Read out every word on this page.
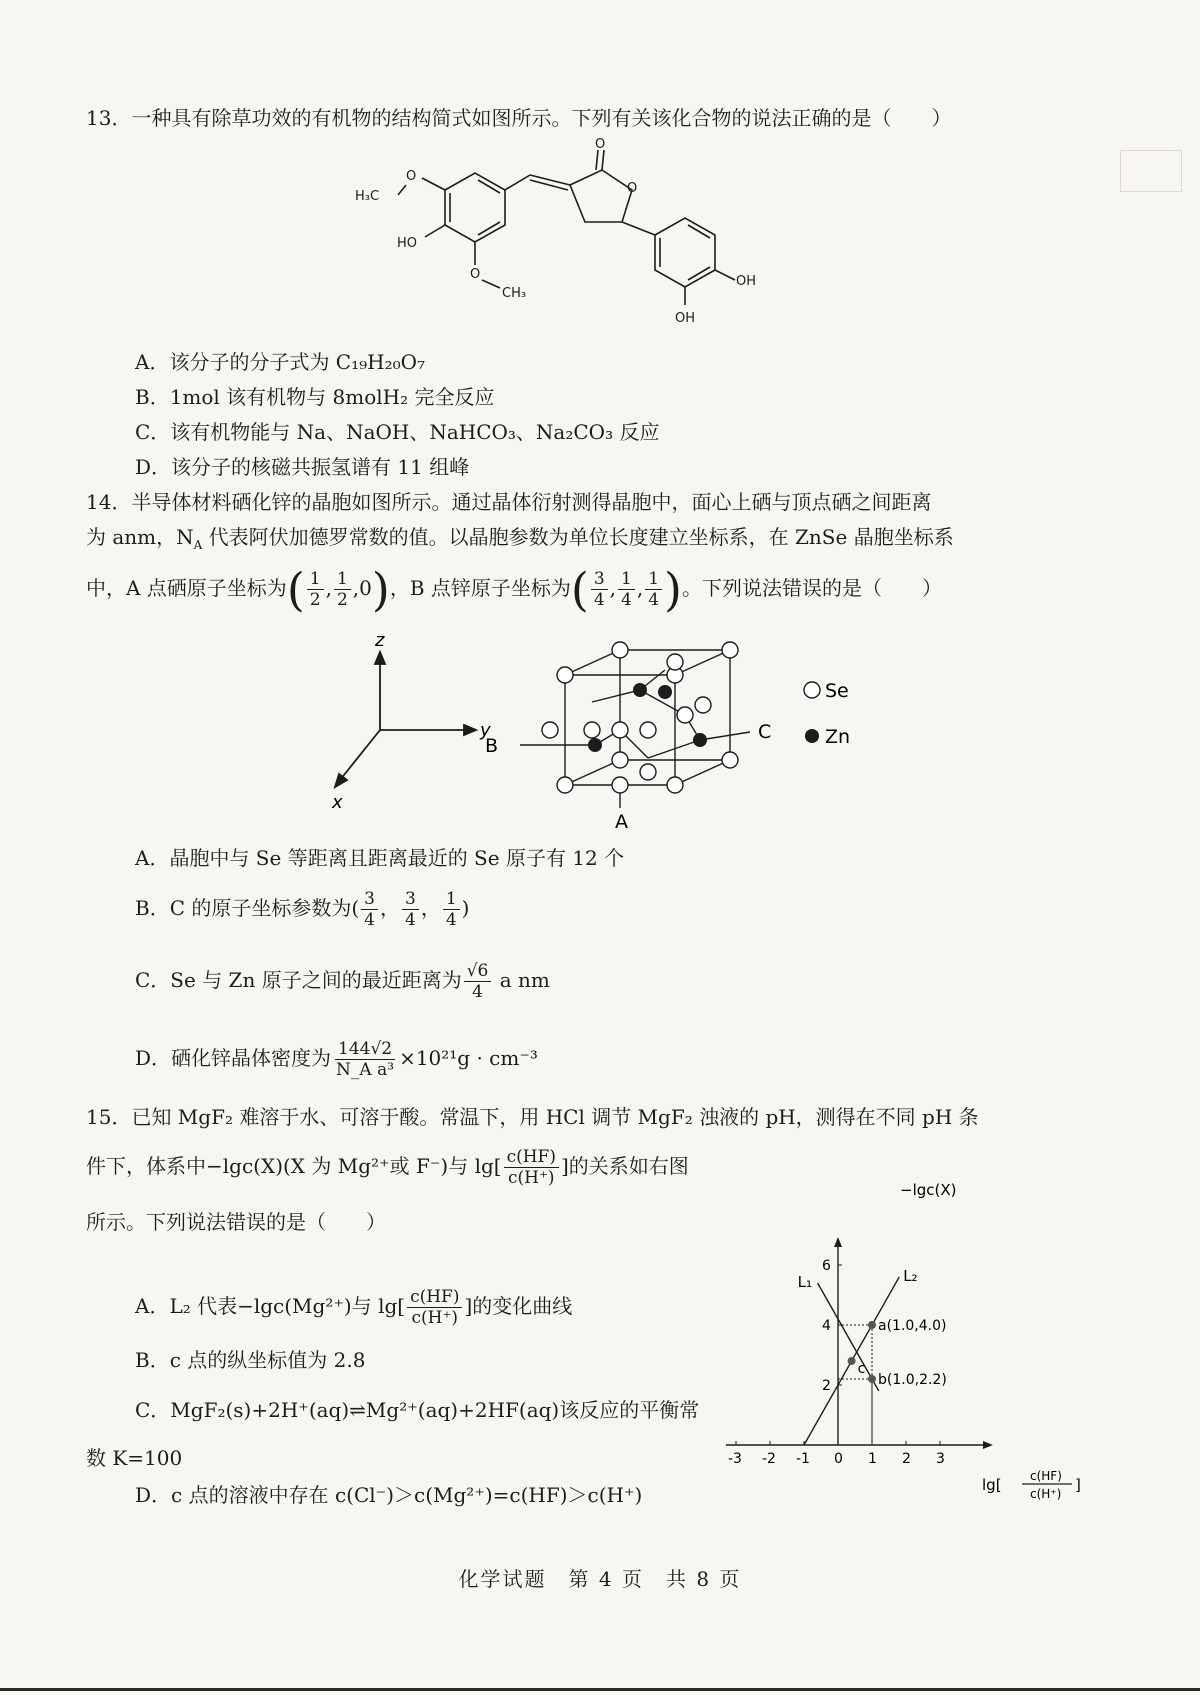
13．一种具有除草功效的有机物的结构简式如图所示。下列有关该化合物的说法正确的是（　　）
H₃C
O
HO
O
CH₃
O
O
OH
OH
A．该分子的分子式为 C₁₉H₂₀O₇
B．1mol 该有机物与 8molH₂ 完全反应
C．该有机物能与 Na、NaOH、NaHCO₃、Na₂CO₃ 反应
D．该分子的核磁共振氢谱有 11 组峰
14．半导体材料硒化锌的晶胞如图所示。通过晶体衍射测得晶胞中，面心上硒与顶点硒之间距离
为 anm，$N_A$ 代表阿伏加德罗常数的值。以晶胞参数为单位长度建立坐标系，在 ZnSe 晶胞坐标系
中，A 点硒原子坐标为( $\frac{1}{2}$ , $\frac{1}{2} ,0$)，B 点锌原子坐标为( $\frac{3}{4}$ , $\frac{1}{4}$ , $\frac{1}{4}$ )。下列说法错误的是（　　）
z
y
x
B
C
A
Se
Zn
A．晶胞中与 Se 等距离且距离最近的 Se 原子有 12 个
B．C 的原子坐标参数为( $\frac{3}{4}$ ， $\frac{3}{4}$ ， $\frac{1}{4}$ )
C．Se 与 Zn 原子之间的最近距离为 $\frac{√6}{4}$ a nm
D．硒化锌晶体密度为 $\frac{144√2}{\text{N\_A a³}} \times 10^{21}g \cdot cm^{-3}$
15．已知 MgF₂ 难溶于水、可溶于酸。常温下，用 HCl 调节 MgF₂ 浊液的 pH，测得在不同 pH 条
件下，体系中−lgc(X)(X 为 Mg²⁺或 F⁻)与 $\lg[ \frac{c(HF)}{c(H^+)}$ ]的关系如右图
所示。下列说法错误的是（　　）
A．L₂ 代表−lgc(Mg²⁺)与 $\lg[ \frac{c(HF)}{c(H^+)}$ ]的变化曲线
B．c 点的纵坐标值为 2.8
C．MgF₂(s)+2H⁺(aq)⇌Mg²⁺(aq)+2HF(aq)该反应的平衡常
数 K=100
D．c 点的溶液中存在 c(Cl⁻)＞c(Mg²⁺)=c(HF)＞c(H⁺)
−lgc(X)
lg[ c(HF)
c(H⁺) ]
-3 -2 -1 0 1 2 3
2
4
6
L₁	L₂
a(1.0,4.0)
b(1.0,2.2)
c
化学试题　第 4 页　共 8 页
